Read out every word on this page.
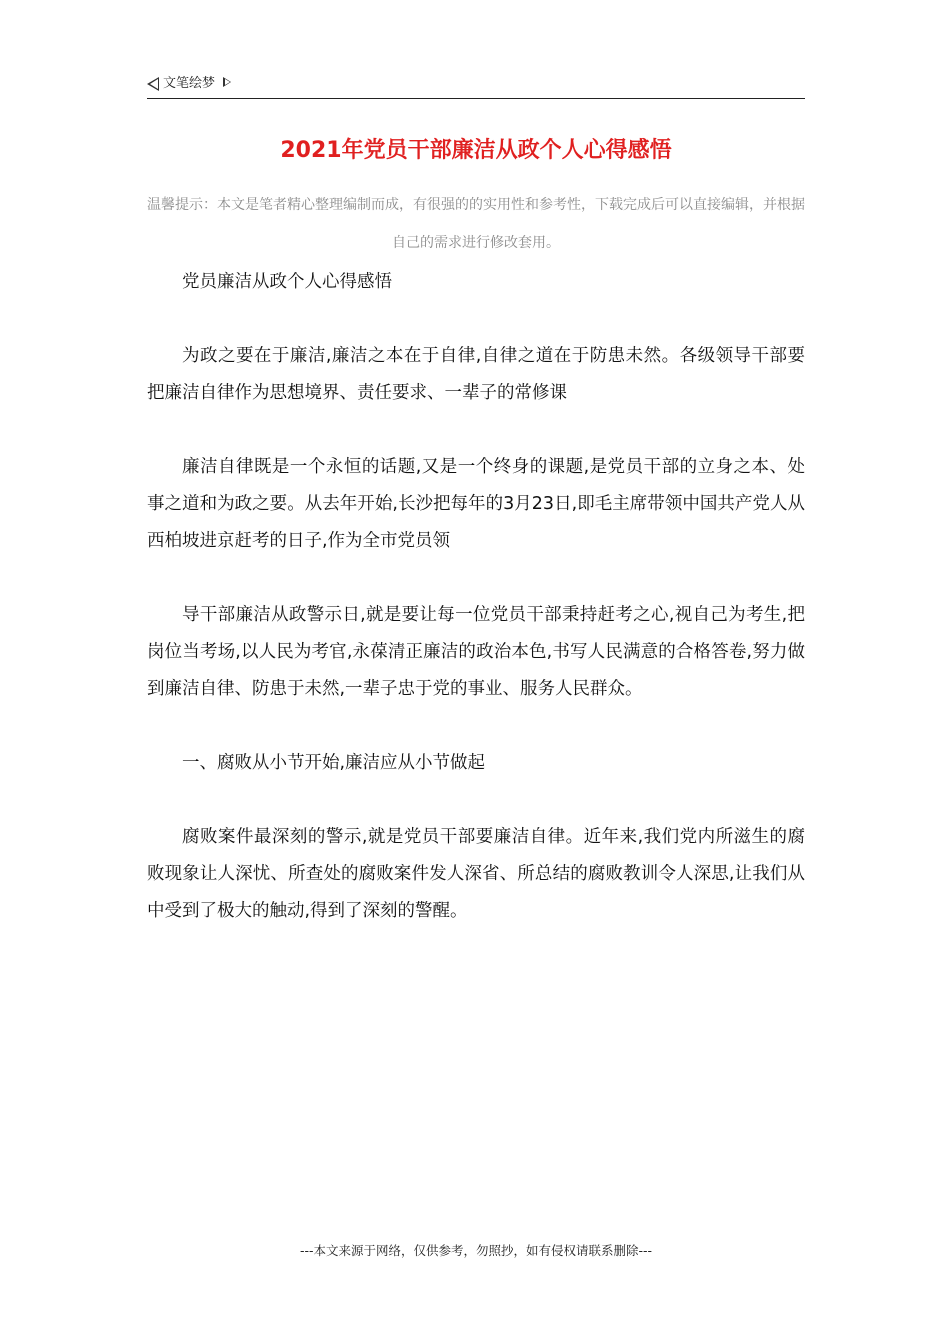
文笔绘梦
2021年党员干部廉洁从政个人心得感悟
温馨提示：本文是笔者精心整理编制而成，有很强的的实用性和参考性，下载完成后可以直接编辑，并根据自己的需求进行修改套用。

党员廉洁从政个人心得感悟

为政之要在于廉洁,廉洁之本在于自律,自律之道在于防患未然。各级领导干部要把廉洁自律作为思想境界、责任要求、一辈子的常修课

廉洁自律既是一个永恒的话题,又是一个终身的课题,是党员干部的立身之本、处事之道和为政之要。从去年开始,长沙把每年的3月23日,即毛主席带领中国共产党人从西柏坡进京赶考的日子,作为全市党员领

导干部廉洁从政警示日,就是要让每一位党员干部秉持赶考之心,视自己为考生,把岗位当考场,以人民为考官,永葆清正廉洁的政治本色,书写人民满意的合格答卷,努力做到廉洁自律、防患于未然,一辈子忠于党的事业、服务人民群众。

一、腐败从小节开始,廉洁应从小节做起

腐败案件最深刻的警示,就是党员干部要廉洁自律。近年来,我们党内所滋生的腐败现象让人深忧、所查处的腐败案件发人深省、所总结的腐败教训令人深思,让我们从中受到了极大的触动,得到了深刻的警醒。

---本文来源于网络，仅供参考，勿照抄，如有侵权请联系删除---
